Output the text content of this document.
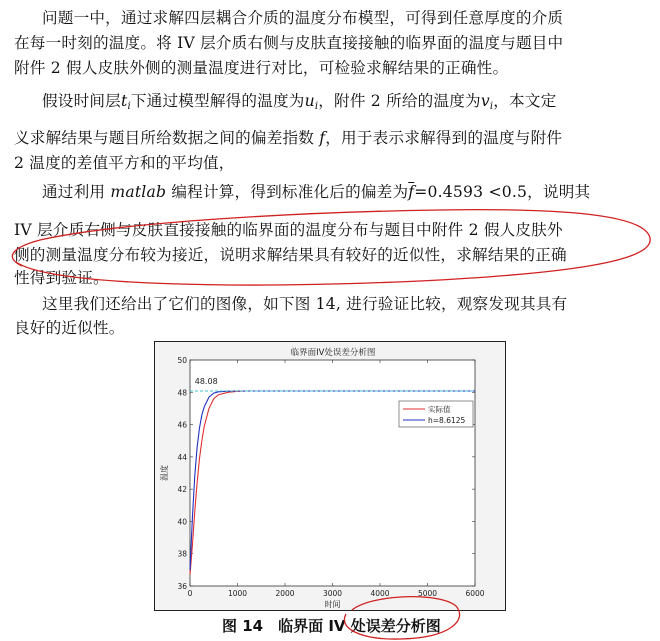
问题一中，通过求解四层耦合介质的温度分布模型，可得到任意厚度的介质
在每一时刻的温度。将 IV 层介质右侧与皮肤直接接触的临界面的温度与题目中
附件 2 假人皮肤外侧的测量温度进行对比，可检验求解结果的正确性。
假设时间层$t_i$下通过模型解得的温度为$u_i$，附件 2 所给的温度为$v_i$，本文定
义求解结果与题目所给数据之间的偏差指数 f，用于表示求解得到的温度与附件
2 温度的差值平方和的平均值，
通过利用 matlab 编程计算，得到标准化后的偏差为$\overline{f}=0.4593 <0.5$，说明其
IV 层介质右侧与皮肤直接接触的临界面的温度分布与题目中附件 2 假人皮肤外
侧的测量温度分布较为接近，说明求解结果具有较好的近似性，求解结果的正确
性得到验证。
这里我们还给出了它们的图像，如下图 14, 进行验证比较，观察发现其具有
良好的近似性。
临界面IV处误差分析图
36
38
40
42
44
46
48
50
0	1000	2000	3000	4000	5000	6000
48.08
温度
时间
实际值
h=8.6125
图 14　临界面 IV 处误差分析图
